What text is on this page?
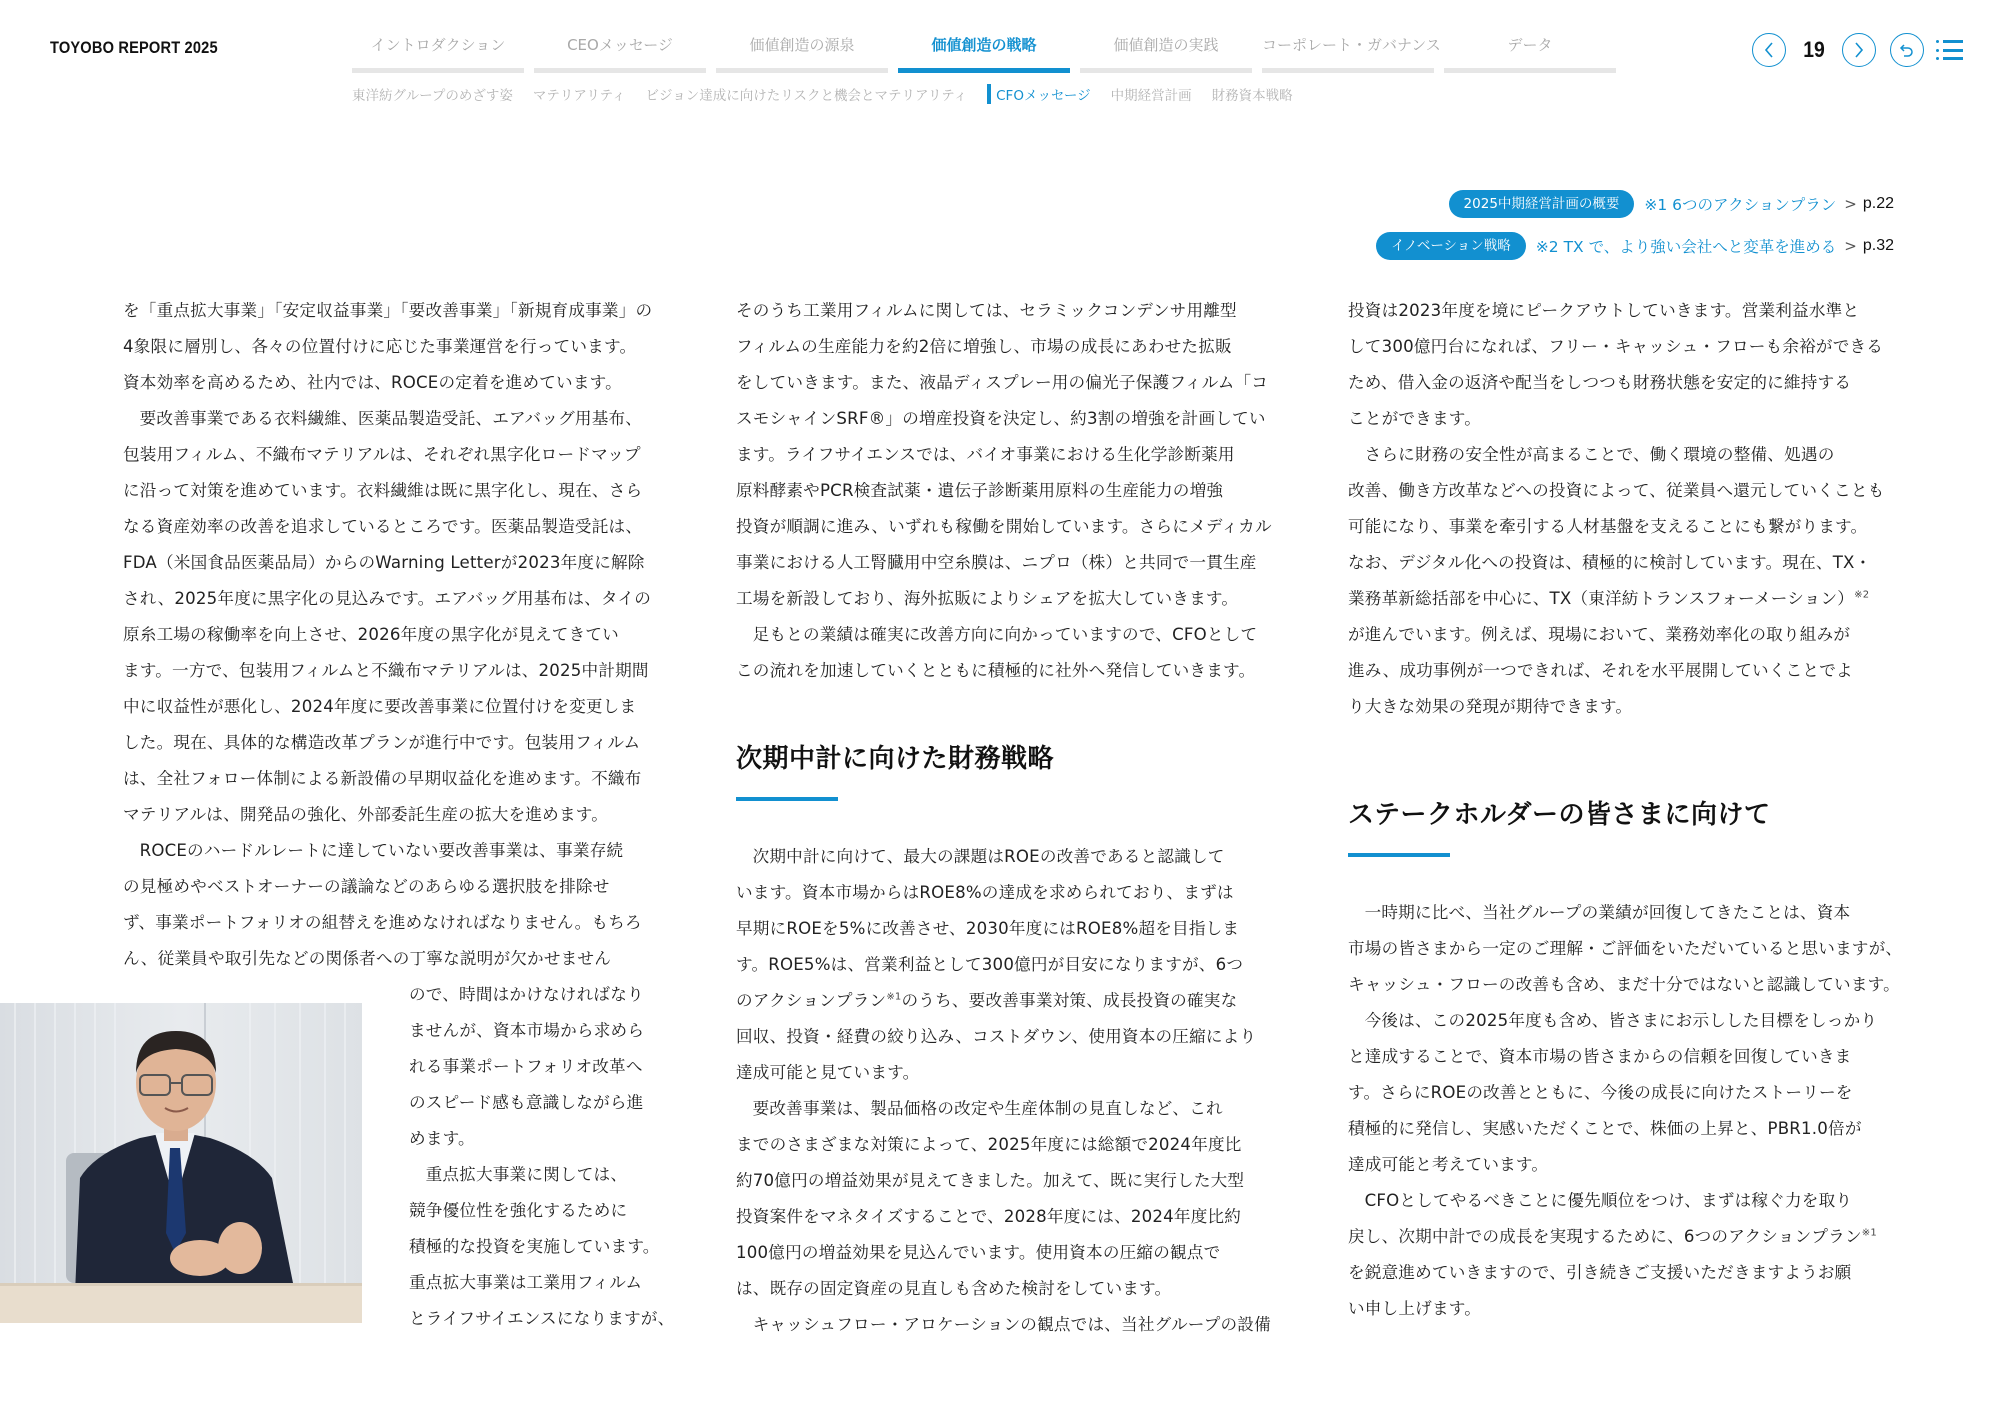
TOYOBO REPORT 2025	イントロダクション	CEOメッセージ	価値創造の源泉	価値創造の戦略	価値創造の実践	コーポレート・ガバナンス	データ
東洋紡グループのめざす姿 マテリアリティ ビジョン達成に向けたリスクと機会とマテリアリティ	CFOメッセージ 中期経営計画 財務資本戦略
19
2025中期経営計画の概要	※1 6つのアクションプラン > p.22
イノベーション戦略	※2 TX で、より強い会社へと変革を進める > p.32

を「重点拡大事業」「安定収益事業」「要改善事業」「新規育成事業」の

4象限に層別し、各々の位置付けに応じた事業運営を行っています。

資本効率を高めるため、社内では、ROCEの定着を進めています。

要改善事業である衣料繊維、医薬品製造受託、エアバッグ用基布、

包装用フィルム、不織布マテリアルは、それぞれ黒字化ロードマップ

に沿って対策を進めています。衣料繊維は既に黒字化し、現在、さら

なる資産効率の改善を追求しているところです。医薬品製造受託は、

FDA（米国食品医薬品局）からのWarning Letterが2023年度に解除

され、2025年度に黒字化の見込みです。エアバッグ用基布は、タイの

原糸工場の稼働率を向上させ、2026年度の黒字化が見えてきてい

ます。一方で、包装用フィルムと不織布マテリアルは、2025中計期間

中に収益性が悪化し、2024年度に要改善事業に位置付けを変更しま

した。現在、具体的な構造改革プランが進行中です。包装用フィルム

は、全社フォロー体制による新設備の早期収益化を進めます。不織布

マテリアルは、開発品の強化、外部委託生産の拡大を進めます。

ROCEのハードルレートに達していない要改善事業は、事業存続

の見極めやベストオーナーの議論などのあらゆる選択肢を排除せ

ず、事業ポートフォリオの組替えを進めなければなりません。もちろ

ん、従業員や取引先などの関係者への丁寧な説明が欠かせません

ので、時間はかけなければなり

ませんが、資本市場から求めら

れる事業ポートフォリオ改革へ

のスピード感も意識しながら進

めます。

重点拡大事業に関しては、

競争優位性を強化するために

積極的な投資を実施しています。

重点拡大事業は工業用フィルム

とライフサイエンスになりますが、

そのうち工業用フィルムに関しては、セラミックコンデンサ用離型

フィルムの生産能力を約2倍に増強し、市場の成長にあわせた拡販

をしていきます。また、液晶ディスプレー用の偏光子保護フィルム「コ

スモシャインSRF®」の増産投資を決定し、約3割の増強を計画してい

ます。ライフサイエンスでは、バイオ事業における生化学診断薬用

原料酵素やPCR検査試薬・遺伝子診断薬用原料の生産能力の増強

投資が順調に進み、いずれも稼働を開始しています。さらにメディカル

事業における人工腎臓用中空糸膜は、ニプロ（株）と共同で一貫生産

工場を新設しており、海外拡販によりシェアを拡大していきます。

足もとの業績は確実に改善方向に向かっていますので、CFOとして

この流れを加速していくとともに積極的に社外へ発信していきます。

次期中計に向けた財務戦略

次期中計に向けて、最大の課題はROEの改善であると認識して

います。資本市場からはROE8%の達成を求められており、まずは

早期にROEを5%に改善させ、2030年度にはROE8%超を目指しま

す。ROE5%は、営業利益として300億円が目安になりますが、6つ

のアクションプラン$^{※1}$のうち、要改善事業対策、成長投資の確実な

回収、投資・経費の絞り込み、コストダウン、使用資本の圧縮により

達成可能と見ています。

要改善事業は、製品価格の改定や生産体制の見直しなど、これ

までのさまざまな対策によって、2025年度には総額で2024年度比

約70億円の増益効果が見えてきました。加えて、既に実行した大型

投資案件をマネタイズすることで、2028年度には、2024年度比約

100億円の増益効果を見込んでいます。使用資本の圧縮の観点で

は、既存の固定資産の見直しも含めた検討をしています。

キャッシュフロー・アロケーションの観点では、当社グループの設備

投資は2023年度を境にピークアウトしていきます。営業利益水準と

して300億円台になれば、フリー・キャッシュ・フローも余裕ができる

ため、借入金の返済や配当をしつつも財務状態を安定的に維持する

ことができます。

さらに財務の安全性が高まることで、働く環境の整備、処遇の

改善、働き方改革などへの投資によって、従業員へ還元していくことも

可能になり、事業を牽引する人材基盤を支えることにも繋がります。

なお、デジタル化への投資は、積極的に検討しています。現在、TX・

業務革新総括部を中心に、TX（東洋紡トランスフォーメーション）$^{※2}$

が進んでいます。例えば、現場において、業務効率化の取り組みが

進み、成功事例が一つできれば、それを水平展開していくことでよ

り大きな効果の発現が期待できます。

ステークホルダーの皆さまに向けて

一時期に比べ、当社グループの業績が回復してきたことは、資本

市場の皆さまから一定のご理解・ご評価をいただいていると思いますが、

キャッシュ・フローの改善も含め、まだ十分ではないと認識しています。

今後は、この2025年度も含め、皆さまにお示しした目標をしっかり

と達成することで、資本市場の皆さまからの信頼を回復していきま

す。さらにROEの改善とともに、今後の成長に向けたストーリーを

積極的に発信し、実感いただくことで、株価の上昇と、PBR1.0倍が

達成可能と考えています。

CFOとしてやるべきことに優先順位をつけ、まずは稼ぐ力を取り

戻し、次期中計での成長を実現するために、6つのアクションプラン$^{※1}$

を鋭意進めていきますので、引き続きご支援いただきますようお願

い申し上げます。
